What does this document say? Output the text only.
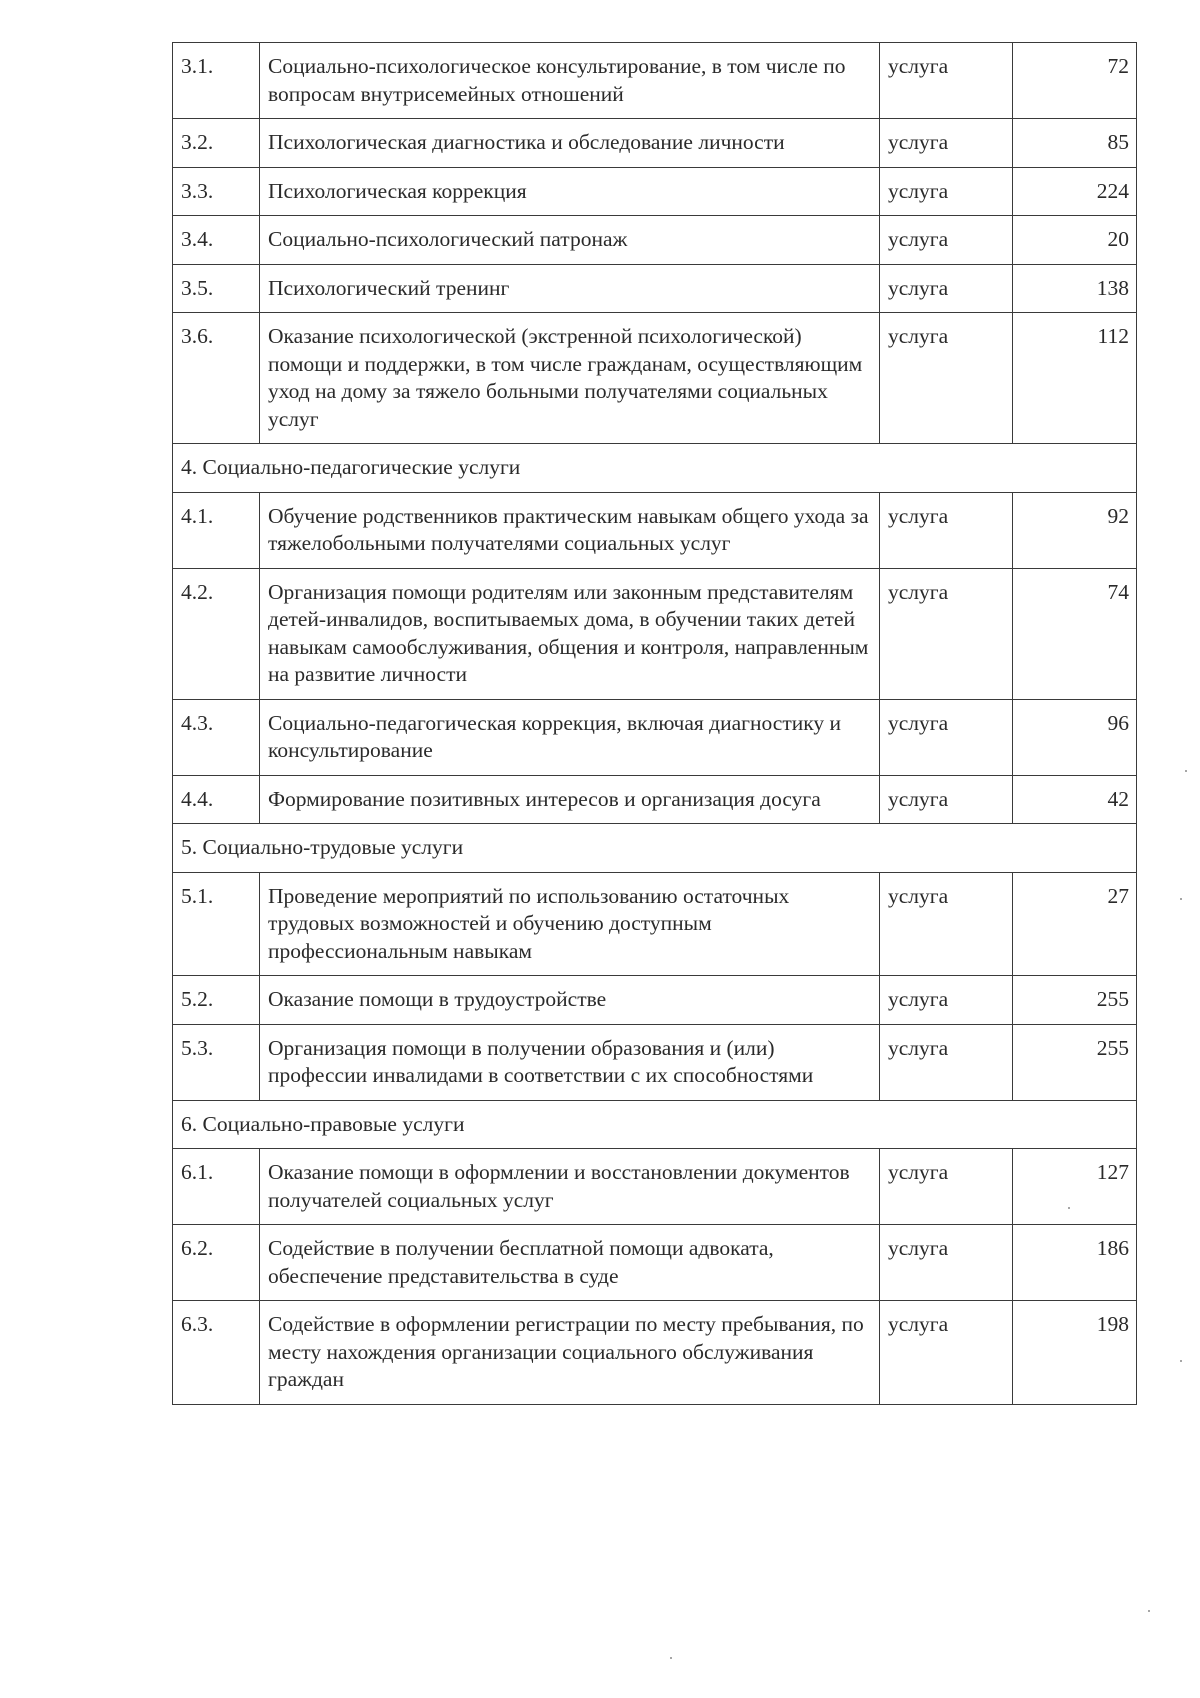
3.1.	Социально-психологическое консультирование, в том числе по вопросам внутрисемейных отношений	услуга	72
3.2.	Психологическая диагностика и обследование личности	услуга	85
3.3.	Психологическая коррекция	услуга	224
3.4.	Социально-психологический патронаж	услуга	20
3.5.	Психологический тренинг	услуга	138
3.6.	Оказание психологической (экстренной психологической) помощи и поддержки, в том числе гражданам, осуществляющим уход на дому за тяжело больными получателями социальных услуг	услуга	112
4. Социально-педагогические услуги			
4.1.	Обучение родственников практическим навыкам общего ухода за тяжелобольными получателями социальных услуг	услуга	92
4.2.	Организация помощи родителям или законным представителям детей-инвалидов, воспитываемых дома, в обучении таких детей навыкам самообслуживания, общения и контроля, направленным на развитие личности	услуга	74
4.3.	Социально-педагогическая коррекция, включая диагностику и консультирование	услуга	96
4.4.	Формирование позитивных интересов и организация досуга	услуга	42
5. Социально-трудовые услуги			
5.1.	Проведение мероприятий по использованию остаточных трудовых возможностей и обучению доступным профессиональным навыкам	услуга	27
5.2.	Оказание помощи в трудоустройстве	услуга	255
5.3.	Организация помощи в получении образования и (или) профессии инвалидами в соответствии с их способностями	услуга	255
6. Социально-правовые услуги			
6.1.	Оказание помощи в оформлении и восстановлении документов получателей социальных услуг	услуга	127
6.2.	Содействие в получении бесплатной помощи адвоката, обеспечение представительства в суде	услуга	186
6.3.	Содействие в оформлении регистрации по месту пребывания, по месту нахождения организации социального обслуживания граждан	услуга	198
